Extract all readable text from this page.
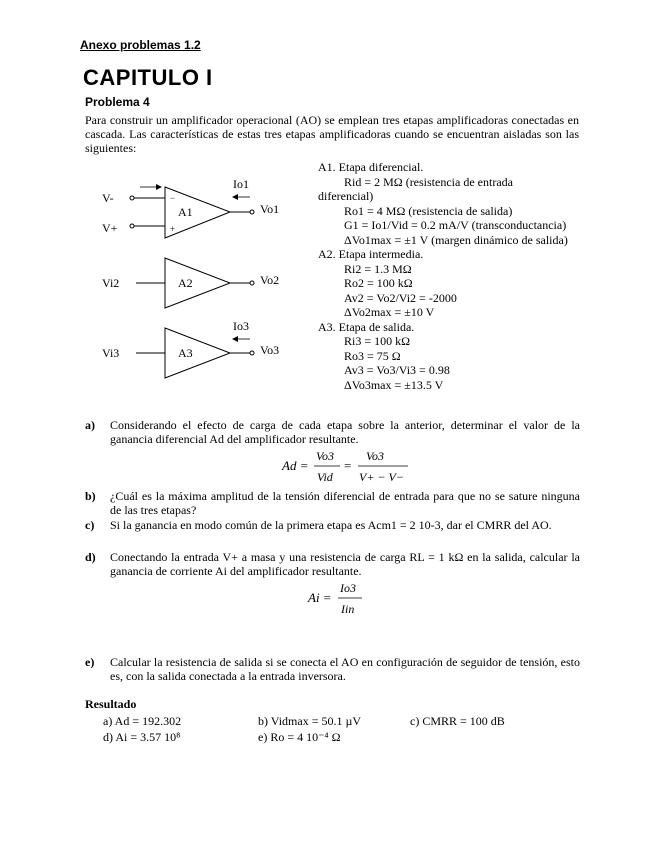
Anexo problemas 1.2
CAPITULO I
Problema 4
Para construir un amplificador operacional (AO) se emplean tres etapas amplificadoras conectadas en cascada. Las características de estas tres etapas amplificadoras cuando se encuentran aisladas son las siguientes:
A1
−
+
Io1
Vo1
V-
V+
A2
Vi2	Vo2
A3
Io3
Vi3	Vo3
A1. Etapa diferencial.
Rid = 2 MΩ (resistencia de entrada
diferencial)
Ro1 = 4 MΩ (resistencia de salida)
G1 = Io1/Vid = 0.2 mA/V (transconductancia)
ΔVo1max = ±1 V (margen dinámico de salida)
A2. Etapa intermedia.
Ri2 = 1.3 MΩ
Ro2 = 100 kΩ
Av2 = Vo2/Vi2 = -2000
ΔVo2max = ±10 V
A3. Etapa de salida.
Ri3 = 100 kΩ
Ro3 = 75 Ω
Av3 = Vo3/Vi3 = 0.98
ΔVo3max = ±13.5 V
a) Considerando el efecto de carga de cada etapa sobre la anterior, determinar el valor de la ganancia diferencial Ad del amplificador resultante.
Ad =
Vo3
Vid
=
Vo3
V+ − V−
b) ¿Cuál es la máxima amplitud de la tensión diferencial de entrada para que no se sature ninguna de las tres etapas?
c) Si la ganancia en modo común de la primera etapa es Acm1 = 2 10-3, dar el CMRR del AO.
d) Conectando la entrada V+ a masa y una resistencia de carga RL = 1 kΩ en la salida, calcular la ganancia de corriente Ai del amplificador resultante.
Ai =
Io3
Iin
e) Calcular la resistencia de salida si se conecta el AO en configuración de seguidor de tensión, esto es, con la salida conectada a la entrada inversora.
Resultado
a) Ad = 192.302	b) Vidmax = 50.1 µV	c) CMRR = 100 dB
d) Ai = 3.57 10⁸	e) Ro = 4 10⁻⁴ Ω
